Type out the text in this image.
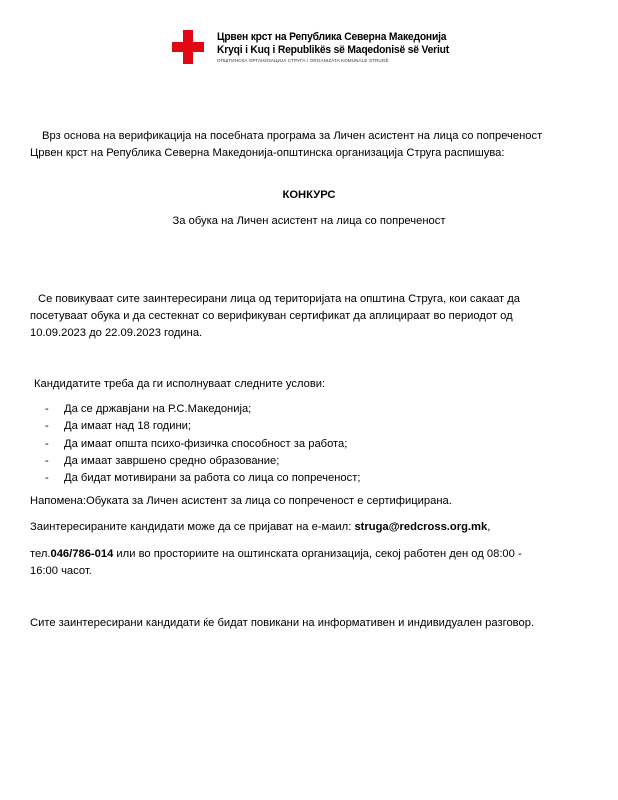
Црвен крст на Република Северна Македонија
Kryqi i Kuq i Republikës së Maqedonisë së Veriut
ОПШТИНСКА ОРГАНИЗАЦИЈА СТРУГА / ORGANIZATA KOMUNALE STRUGË
Врз основа на верификација на посебната програма за Личен асистент на лица со попреченост
Црвен крст на Република Северна Македонија-општинска организација Струга распишува:
КОНКУРС
За обука на Личен асистент на лица со попреченост
Се повикуваат сите заинтересирани лица од територијата на општина Струга, кои сакаат да
посетуваат обука и да сестекнат со верификуван сертификат да аплицираат во периодот од
10.09.2023 до 22.09.2023 година.
Кандидатите треба да ги исполнуваат следните услови:
- Да се државјани на Р.С.Македонија;
- Да имаат над 18 години;
- Да имаат општа психо-физичка способност за работа;
- Да имаат завршено средно образование;
- Да бидат мотивирани за работа со лица со попреченост;
Напомена:Обуката за Личен асистент за лица со попреченост е сертифицирана.
Заинтересираните кандидати може да се пријават на е-маил: struga@redcross.org.mk,
тел.046/786-014 или во просториите на оштинската организација, секој работен ден од 08:00 -
16:00 часот.
Сите заинтересирани кандидати ќе бидат повикани на информативен и индивидуален разговор.
